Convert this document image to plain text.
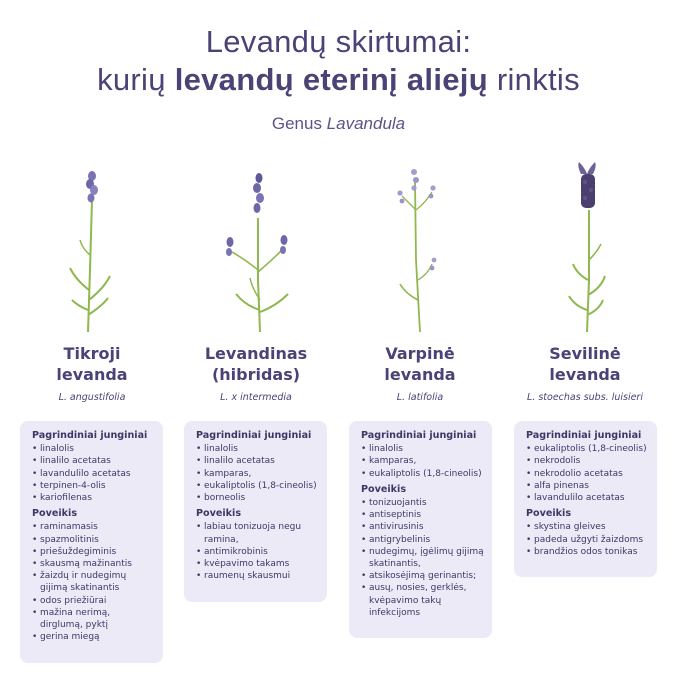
Levandų skirtumai:
kurių levandų eterinį aliejų rinktis
Genus Lavandula
Tikroji
levanda
L. angustifolia
Pagrindiniai junginiai
• linalolis
• linalilo acetatas
• lavandulilo acetatas
• terpinen-4-olis
• kariofilenas
Poveikis
• raminamasis
• spazmolitinis
• priešuždegiminis
• skausmą mažinantis
• žaizdų ir nudegimų gijimą skatinantis
• odos priežiūrai
• mažina nerimą, dirglumą, pyktį
• gerina miegą
Levandinas
(hibridas)
L. x intermedia
Pagrindiniai junginiai
• linalolis
• linalilo acetatas
• kamparas,
• eukaliptolis (1,8-cineolis)
• borneolis
Poveikis
• labiau tonizuoja negu ramina,
• antimikrobinis
• kvėpavimo takams
• raumenų skausmui
Varpinė
levanda
L. latifolia
Pagrindiniai junginiai
• linalolis
• kamparas,
• eukaliptolis (1,8-cineolis)
Poveikis
• tonizuojantis
• antiseptinis
• antivirusinis
• antigrybelinis
• nudegimų, įgėlimų gijimą skatinantis,
• atsikosėjimą gerinantis;
• ausų, nosies, gerklės, kvėpavimo takų infekcijoms
Sevilinė
levanda
L. stoechas subs. luisieri
Pagrindiniai junginiai
• eukaliptolis (1,8-cineolis)
• nekrodolis
• nekrodolio acetatas
• alfa pinenas
• lavandulilo acetatas
Poveikis
• skystina gleives
• padeda užgyti žaizdoms
• brandžios odos tonikas
